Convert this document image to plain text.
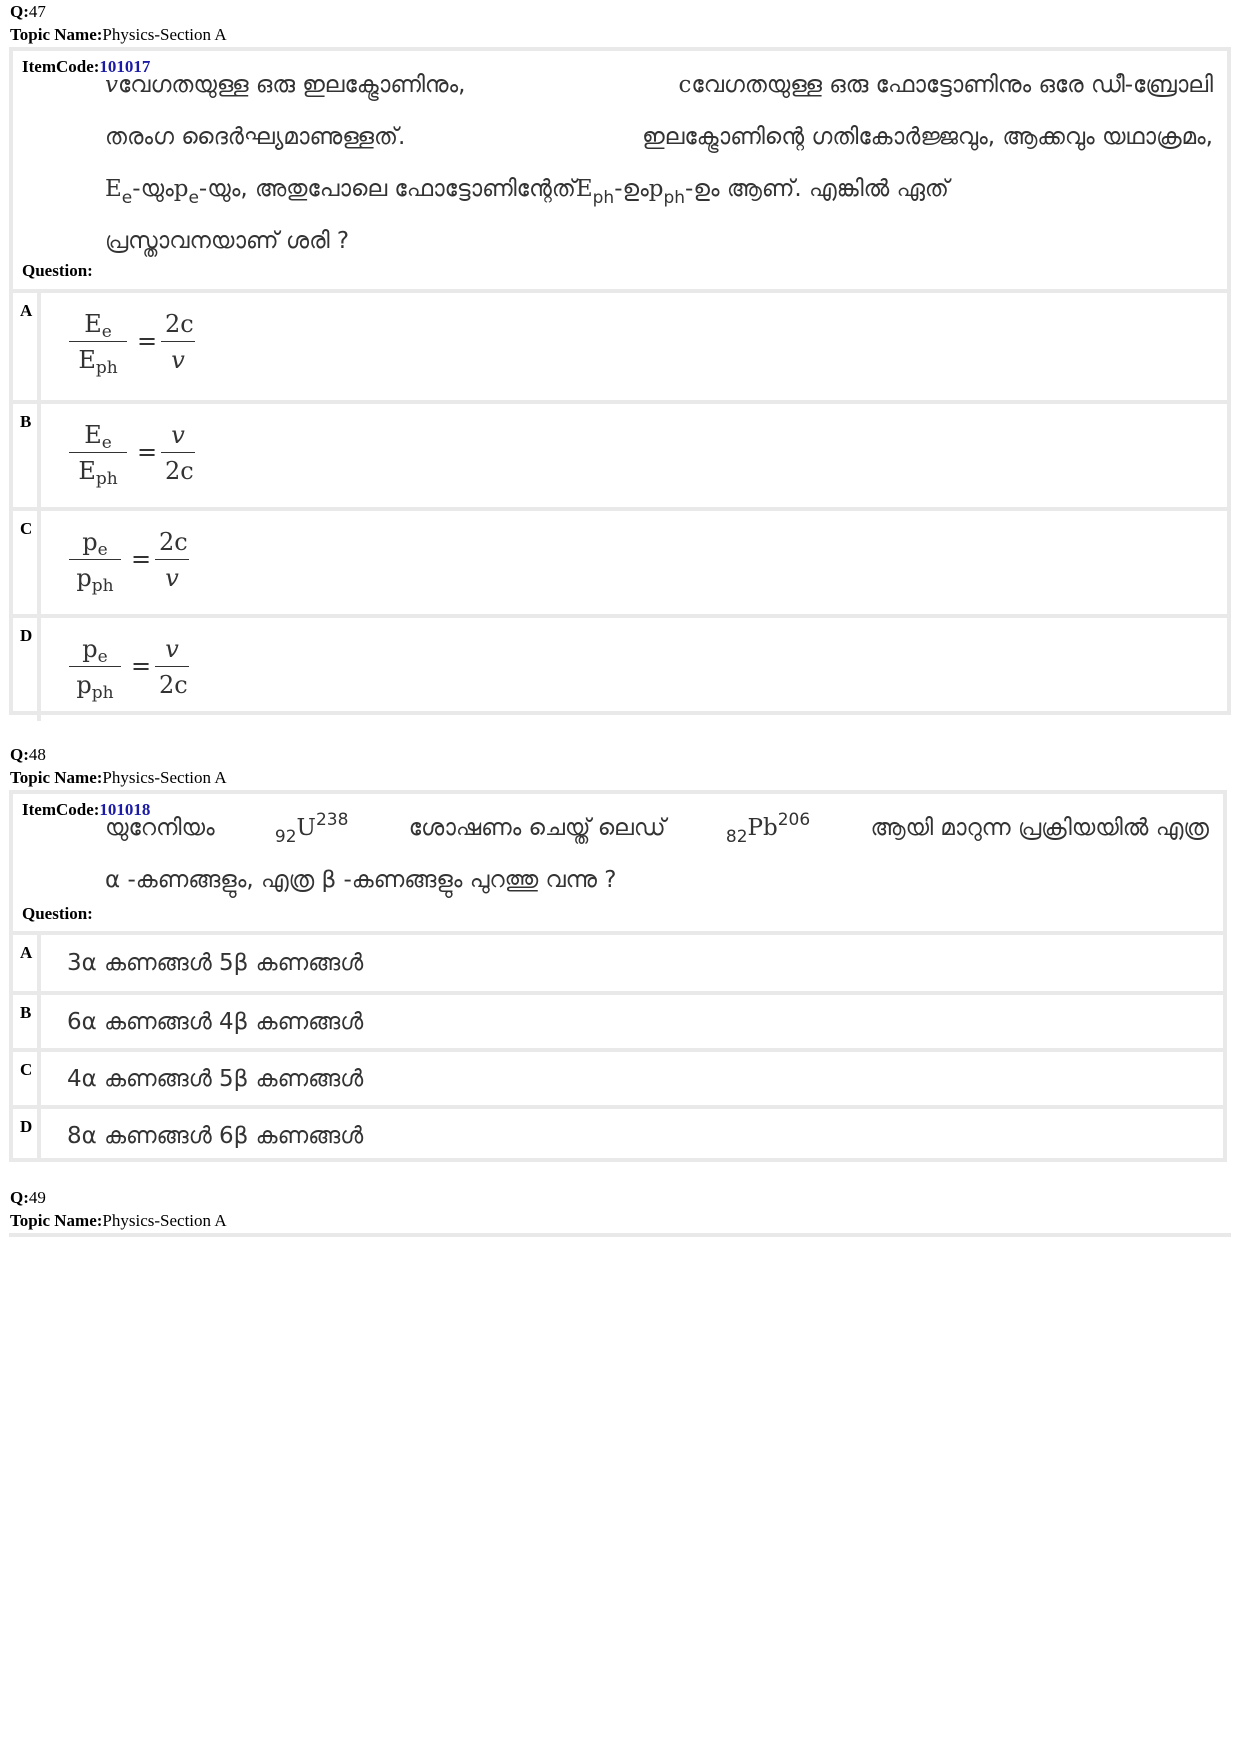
Q:47
Topic Name:Physics-Section A
ItemCode:101017
vവേഗതയുള്ള ഒരു ഇലക്ട്രോണിനും,	cവേഗതയുള്ള ഒരു ഫോട്ടോണിനും ഒരേ ഡീ-ബ്രോലി
തരംഗ ദൈർഘ്യമാണുള്ളത്.	ഇലക്ട്രോണിന്റെ ഗതികോർജ്ജവും, ആക്കവും യഥാക്രമം,
$E_e-യുംp_e-യും$, അതുപോലെ $ഫോട്ടോണിന്റേത്E_{ph}-ഉംp_{ph}-ഉം$ ആണ്. എങ്കിൽ ഏത്
പ്രസ്താവനയാണ് ശരി ?
Question:
A	$E_e$
$E_{ph}$
= $\frac{2c}{v}$
B	$E_e$
$E_{ph}$
= $\frac{v}{2c}$
C	$p_e$
$p_{ph}$
= $\frac{2c}{v}$
D	$p_e$
$p_{ph}$
= $\frac{v}{2c}$
Q:48
Topic Name:Physics-Section A
ItemCode:101018
യുറേനിയം	$92U^{238}$	ശോഷണം ചെയ്ത് ലെഡ്	82Pb$^{206}$	ആയി മാറുന്ന പ്രക്രിയയിൽ എത്ര
α -കണങ്ങളും, എത്ര β -കണങ്ങളും പുറത്തു വന്നു ?
Question:
A	3α കണങ്ങൾ 5β കണങ്ങൾ
B	6α കണങ്ങൾ 4β കണങ്ങൾ
C	4α കണങ്ങൾ 5β കണങ്ങൾ
D	8α കണങ്ങൾ 6β കണങ്ങൾ
Q:49
Topic Name:Physics-Section A
